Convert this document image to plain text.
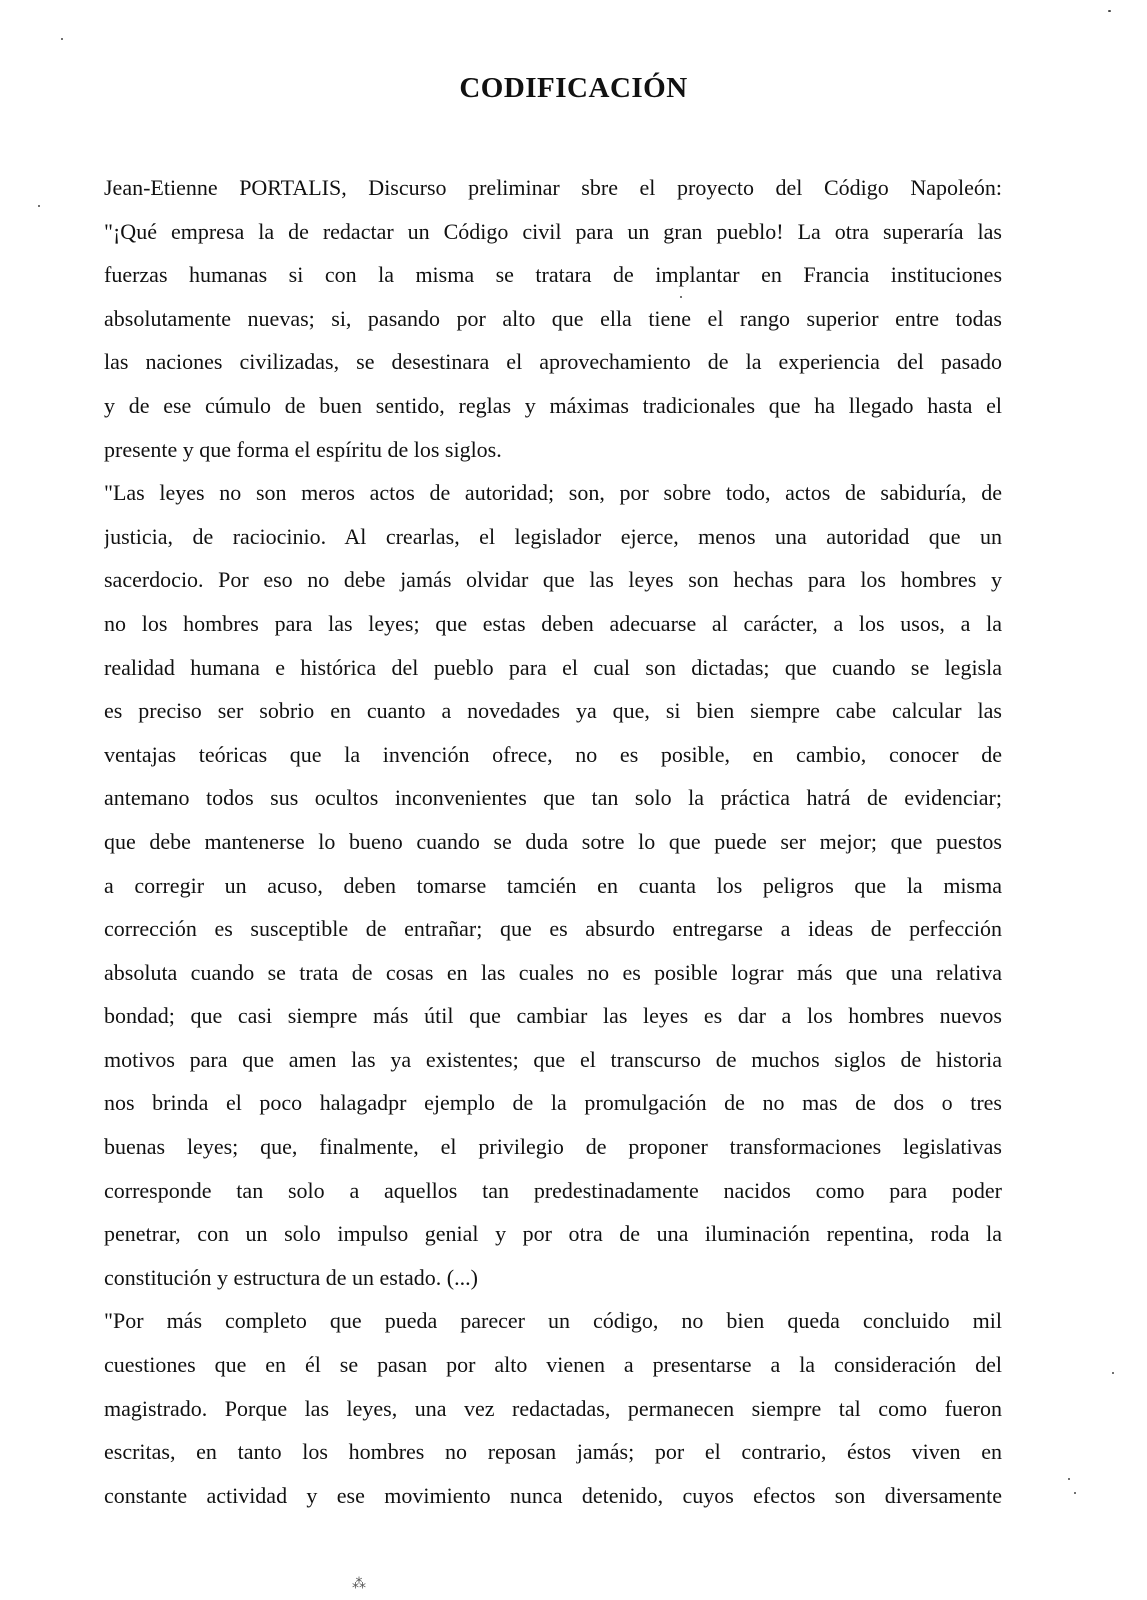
CODIFICACIÓN
Jean-Etienne PORTALIS, Discurso preliminar sbre el proyecto del Código Napoleón:
"¡Qué empresa la de redactar un Código civil para un gran pueblo! La otra superaría las
fuerzas humanas si con la misma se tratara de implantar en Francia instituciones
absolutamente nuevas; si, pasando por alto que ella tiene el rango superior entre todas
las naciones civilizadas, se desestinara el aprovechamiento de la experiencia del pasado
y de ese cúmulo de buen sentido, reglas y máximas tradicionales que ha llegado hasta el
presente y que forma el espíritu de los siglos.
"Las leyes no son meros actos de autoridad; son, por sobre todo, actos de sabiduría, de
justicia, de raciocinio. Al crearlas, el legislador ejerce, menos una autoridad que un
sacerdocio. Por eso no debe jamás olvidar que las leyes son hechas para los hombres y
no los hombres para las leyes; que estas deben adecuarse al carácter, a los usos, a la
realidad humana e histórica del pueblo para el cual son dictadas; que cuando se legisla
es preciso ser sobrio en cuanto a novedades ya que, si bien siempre cabe calcular las
ventajas teóricas que la invención ofrece, no es posible, en cambio, conocer de
antemano todos sus ocultos inconvenientes que tan solo la práctica hatrá de evidenciar;
que debe mantenerse lo bueno cuando se duda sotre lo que puede ser mejor; que puestos
a corregir un acuso, deben tomarse tamcién en cuanta los peligros que la misma
corrección es susceptible de entrañar; que es absurdo entregarse a ideas de perfección
absoluta cuando se trata de cosas en las cuales no es posible lograr más que una relativa
bondad; que casi siempre más útil que cambiar las leyes es dar a los hombres nuevos
motivos para que amen las ya existentes; que el transcurso de muchos siglos de historia
nos brinda el poco halagadpr ejemplo de la promulgación de no mas de dos o tres
buenas leyes; que, finalmente, el privilegio de proponer transformaciones legislativas
corresponde tan solo a aquellos tan predestinadamente nacidos como para poder
penetrar, con un solo impulso genial y por otra de una iluminación repentina, roda la
constitución y estructura de un estado. (...)
"Por más completo que pueda parecer un código, no bien queda concluido mil
cuestiones que en él se pasan por alto vienen a presentarse a la consideración del
magistrado. Porque las leyes, una vez redactadas, permanecen siempre tal como fueron
escritas, en tanto los hombres no reposan jamás; por el contrario, éstos viven en
constante actividad y ese movimiento nunca detenido, cuyos efectos son diversamente
⁂
